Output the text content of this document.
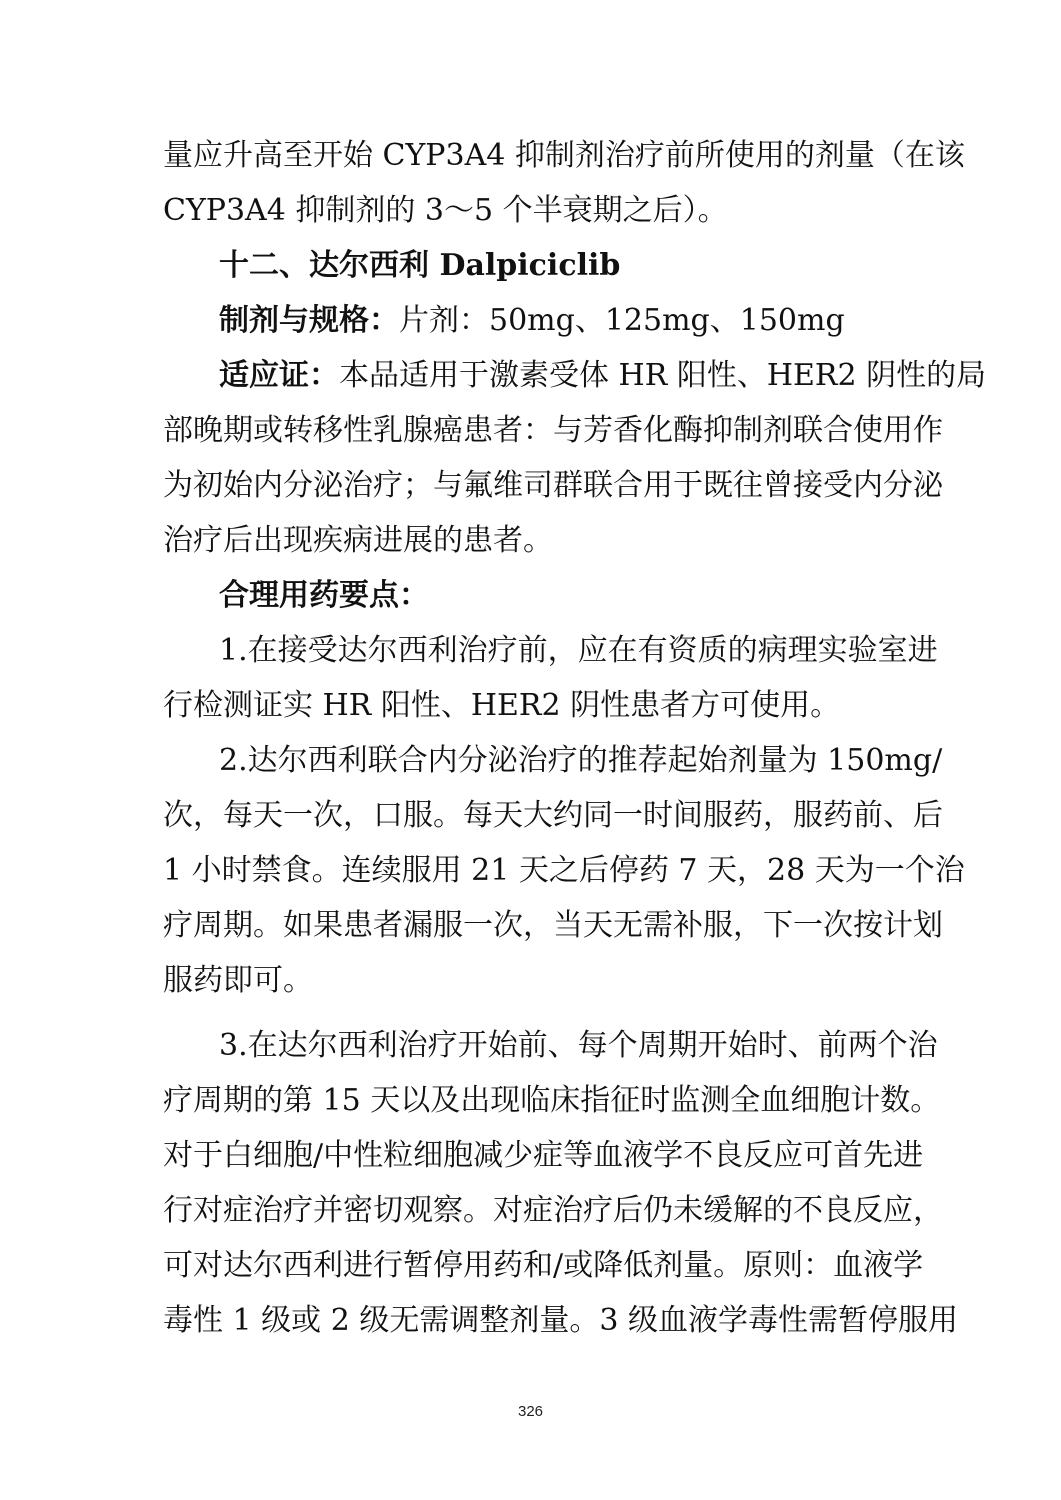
量应升高至开始 CYP3A4 抑制剂治疗前所使用的剂量（在该
CYP3A4 抑制剂的 3～5 个半衰期之后）。
十二、达尔西利 Dalpiciclib
制剂与规格：片剂：50mg、125mg、150mg
适应证：本品适用于激素受体 HR 阳性、HER2 阴性的局
部晚期或转移性乳腺癌患者：与芳香化酶抑制剂联合使用作
为初始内分泌治疗；与氟维司群联合用于既往曾接受内分泌
治疗后出现疾病进展的患者。
合理用药要点：
1.在接受达尔西利治疗前，应在有资质的病理实验室进
行检测证实 HR 阳性、HER2 阴性患者方可使用。
2.达尔西利联合内分泌治疗的推荐起始剂量为 150mg/
次，每天一次，口服。每天大约同一时间服药，服药前、后
1 小时禁食。连续服用 21 天之后停药 7 天，28 天为一个治
疗周期。如果患者漏服一次，当天无需补服，下一次按计划
服药即可。
3.在达尔西利治疗开始前、每个周期开始时、前两个治
疗周期的第 15 天以及出现临床指征时监测全血细胞计数。
对于白细胞/中性粒细胞减少症等血液学不良反应可首先进
行对症治疗并密切观察。对症治疗后仍未缓解的不良反应，
可对达尔西利进行暂停用药和/或降低剂量。原则：血液学
毒性 1 级或 2 级无需调整剂量。3 级血液学毒性需暂停服用
326
